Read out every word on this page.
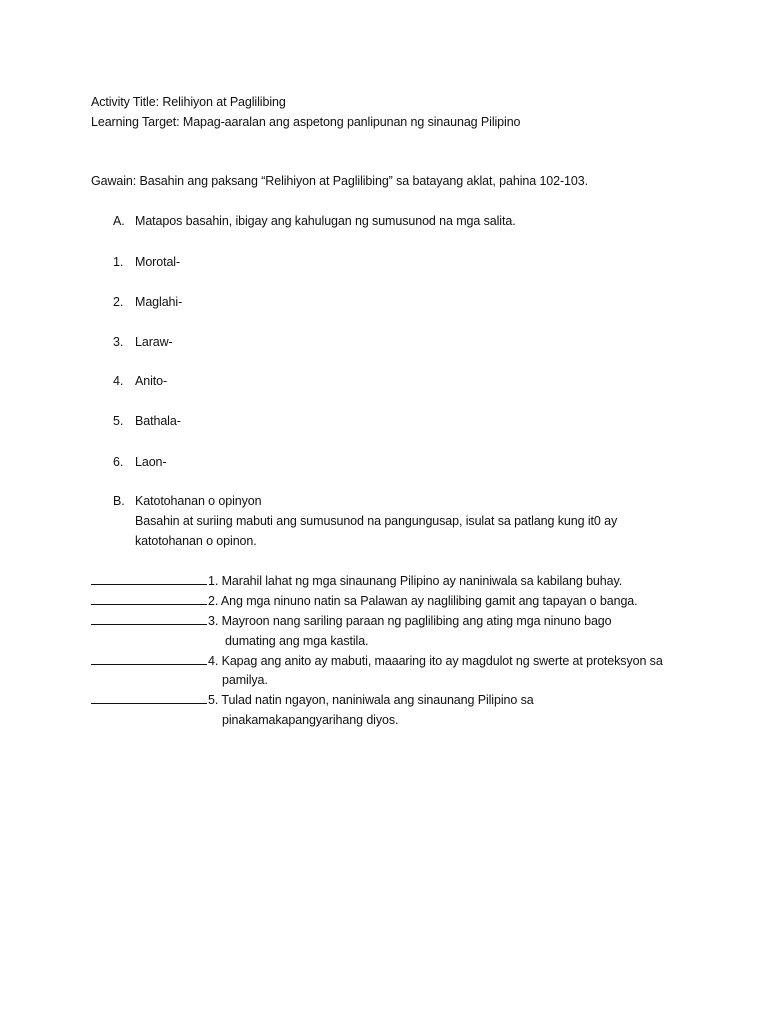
Activity Title: Relihiyon at Paglilibing
Learning Target: Mapag-aaralan ang aspetong panlipunan ng sinaunag Pilipino
Gawain: Basahin ang paksang “Relihiyon at Paglilibing” sa batayang aklat, pahina 102-103.
A. Matapos basahin, ibigay ang kahulugan ng sumusunod na mga salita.
1. Morotal-
2. Maglahi-
3. Laraw-
4. Anito-
5. Bathala-
6. Laon-
B. Katotohanan o opinyon
Basahin at suriing mabuti ang sumusunod na pangungusap, isulat sa patlang kung it0 ay
katotohanan o opinon.
1. Marahil lahat ng mga sinaunang Pilipino ay naniniwala sa kabilang buhay.
2. Ang mga ninuno natin sa Palawan ay naglilibing gamit ang tapayan o banga.
3. Mayroon nang sariling paraan ng paglilibing ang ating mga ninuno bago
dumating ang mga kastila.
4. Kapag ang anito ay mabuti, maaaring ito ay magdulot ng swerte at proteksyon sa
pamilya.
5. Tulad natin ngayon, naniniwala ang sinaunang Pilipino sa
pinakamakapangyarihang diyos.
